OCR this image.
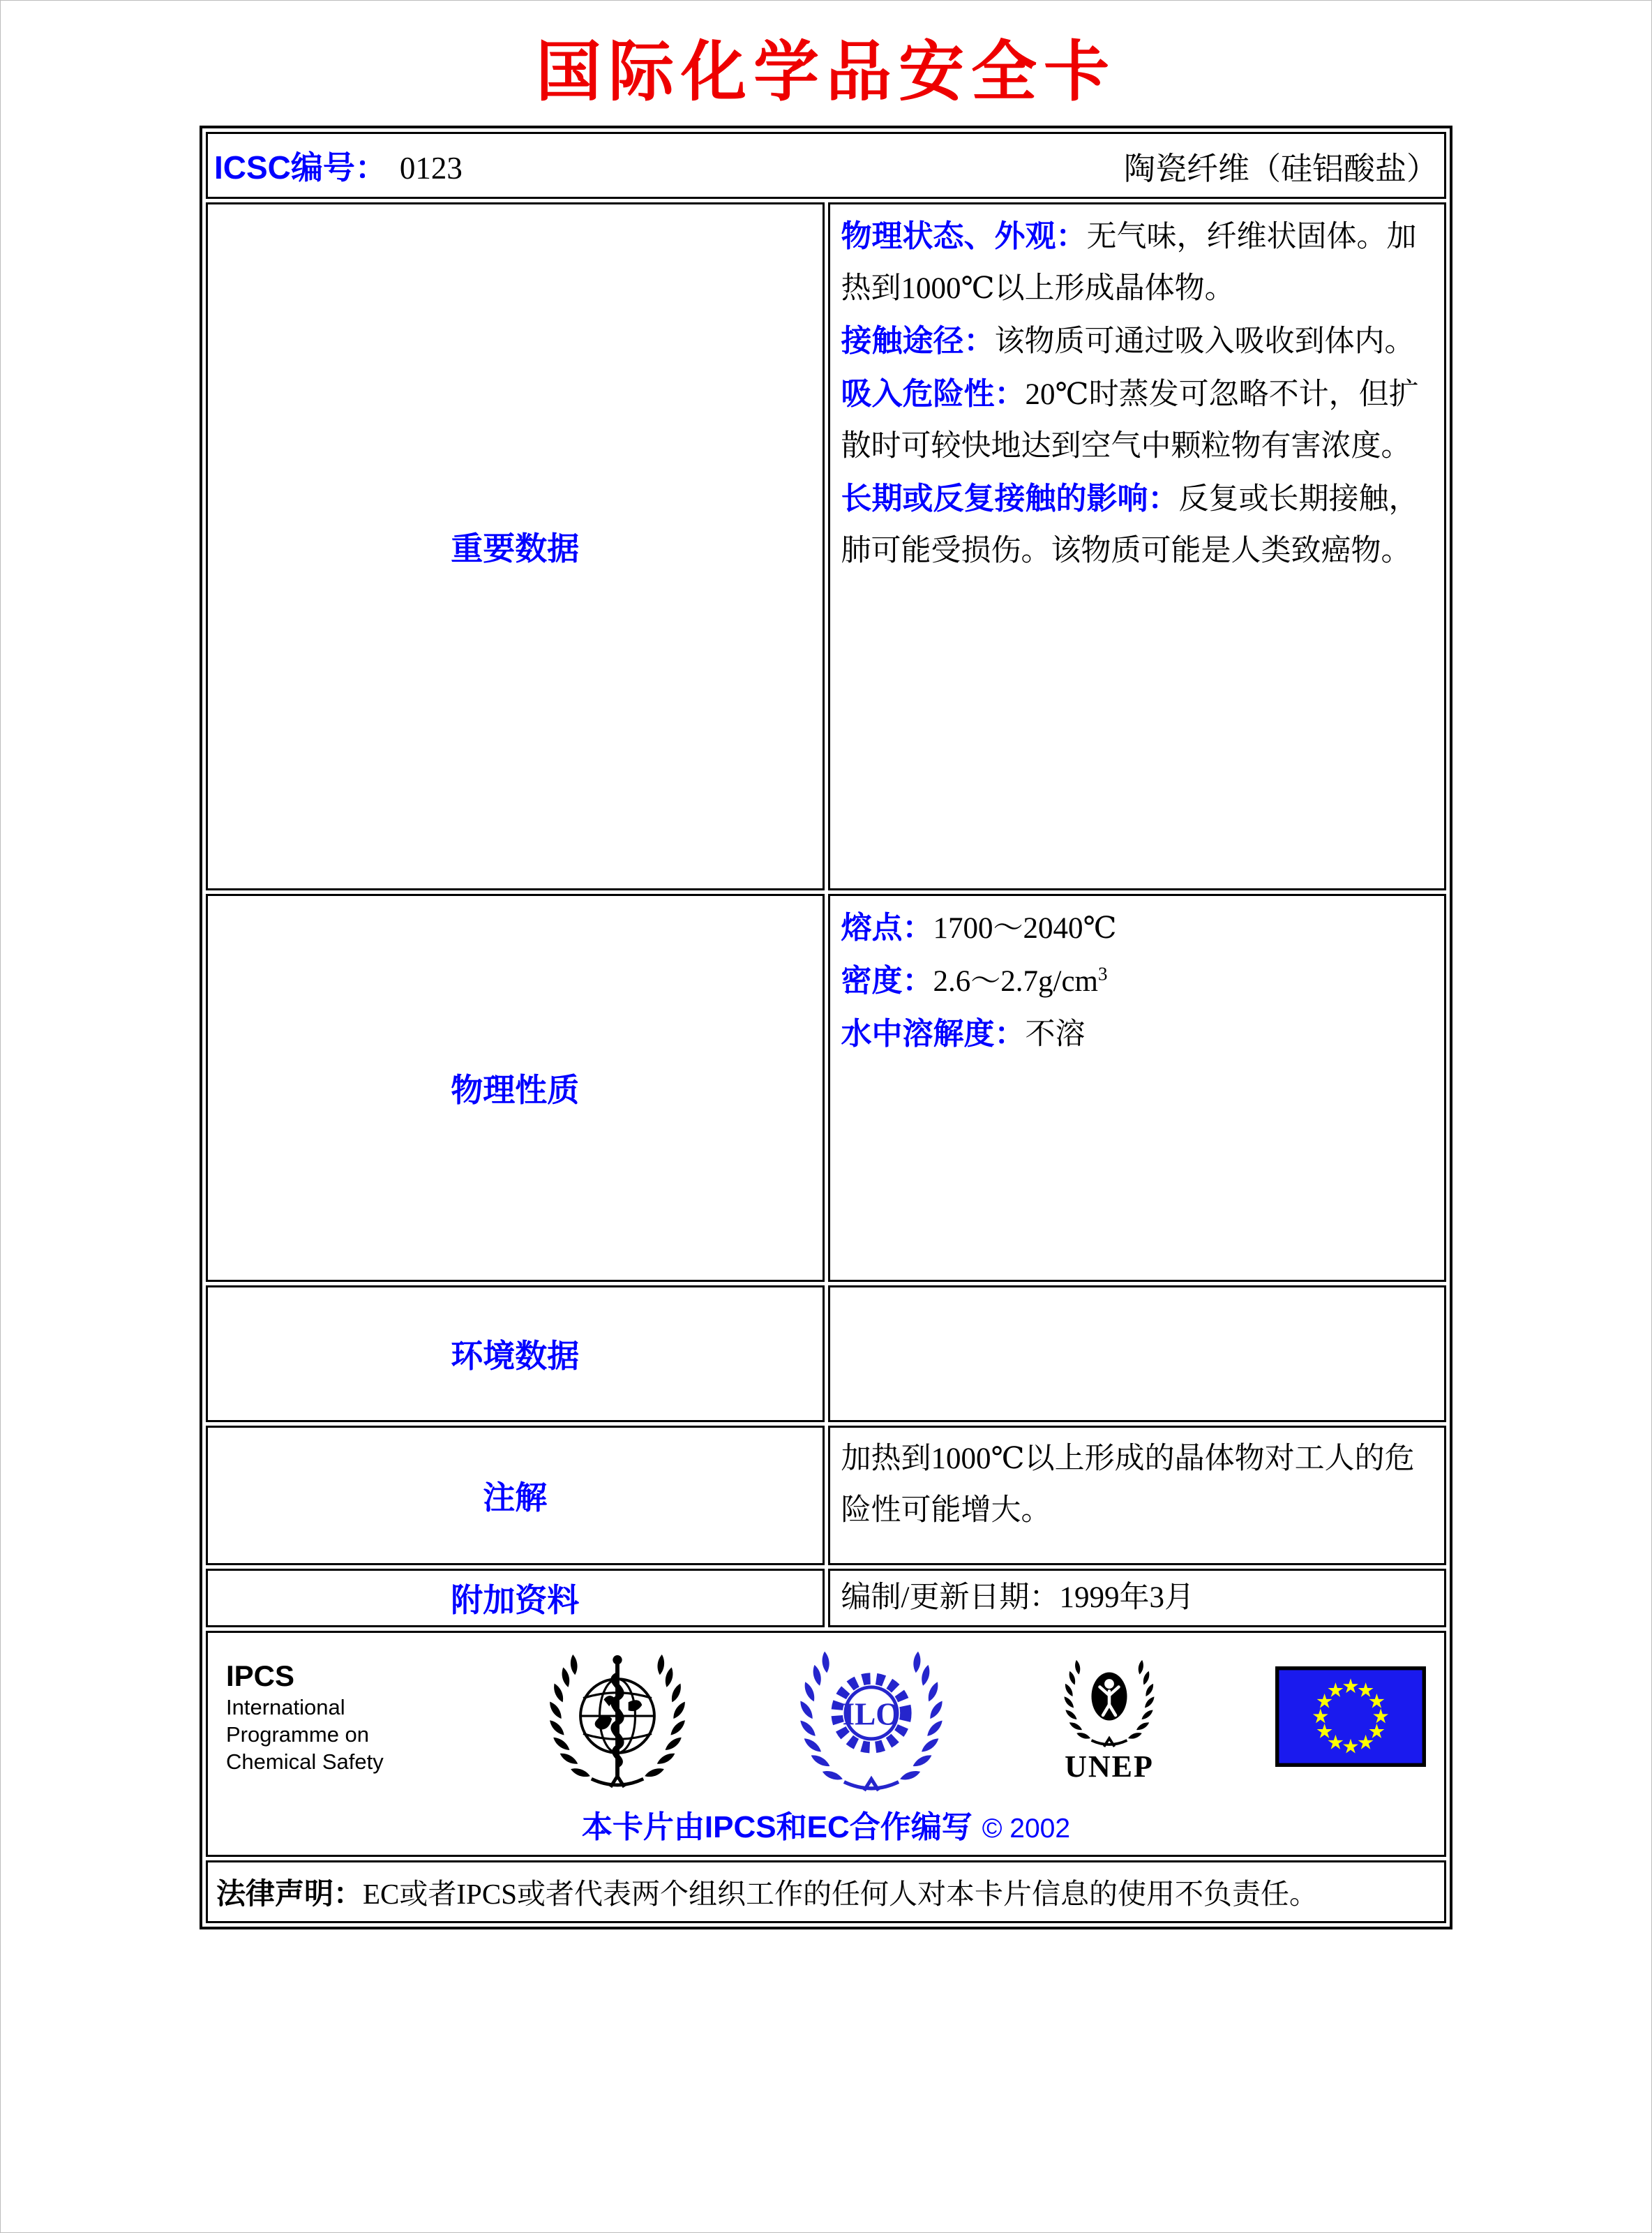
国际化学品安全卡
ICSC编号： 0123 陶瓷纤维（硅铝酸盐）	

重要数据	物理状态、外观：无气味，纤维状固体。加热到1000℃以上形成晶体物。

接触途径：该物质可通过吸入吸收到体内。

吸入危险性：20℃时蒸发可忽略不计，但扩散时可较快地达到空气中颗粒物有害浓度。

长期或反复接触的影响：反复或长期接触，肺可能受损伤。该物质可能是人类致癌物。

物理性质	熔点：1700～2040℃

密度：$2.6\sim 2.7g/cm^3$

水中溶解度：不溶

环境数据	
注解	加热到1000℃以上形成的晶体物对工人的危险性可能增大。
附加资料	编制/更新日期：1999年3月

IPCS
International
Programme on
Chemical Safety
ILO
UNEP
本卡片由IPCS和EC合作编写 © 2002

法律声明：EC或者IPCS或者代表两个组织工作的任何人对本卡片信息的使用不负责任。	
